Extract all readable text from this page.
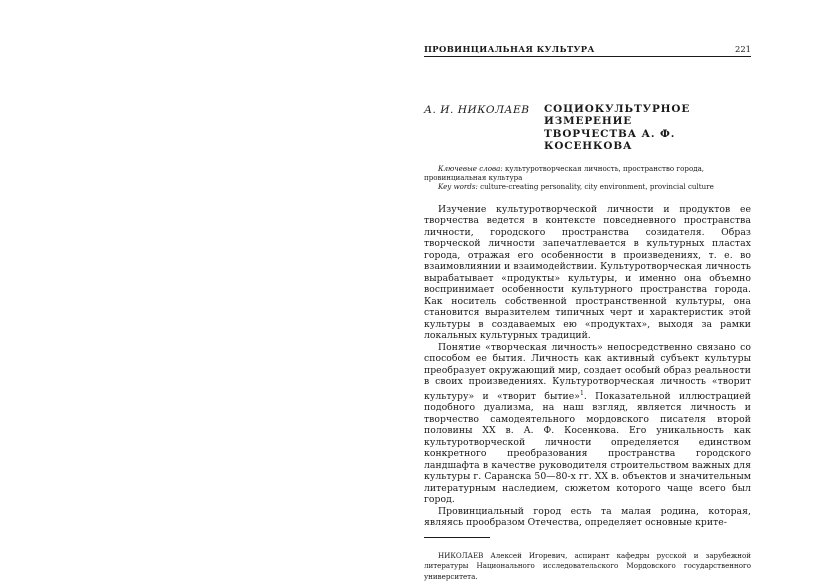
ПРОВИНЦИАЛЬНАЯ КУЛЬТУРА	221
А. И. НИКОЛАЕВ	СОЦИОКУЛЬТУРНОЕ ИЗМЕРЕНИЕ
ТВОРЧЕСТВА А. Ф. КОСЕНКОВА

Ключевые слова: культуротворческая личность, пространство города, провинциальная культура

Key words: culture-creating personality, city environment, provincial culture

Изучение культуротворческой личности и продуктов ее творчества ведется в контексте повседневного пространства личности, городского пространства созидателя. Образ творческой личности запечатлевается в культурных пластах города, отражая его особенности в произведениях, т. е. во взаимовлиянии и взаимодействии. Культуротворческая личность вырабатывает «продукты» культуры, и именно она объемно воспринимает особенности культурного пространства города. Как носитель собственной пространственной культуры, она становится выразителем типичных черт и характеристик этой культуры в создаваемых ею «продуктах», выходя за рамки локальных культурных традиций.

Понятие «творческая личность» непосредственно связано со способом ее бытия. Личность как активный субъект культуры преобразует окружающий мир, создает особый образ реальности в своих произведениях. Культуротворческая личность «творит культуру» и «творит бытие»$^1$. Показательной иллюстрацией подобного дуализма, на наш взгляд, является личность и творчество самодеятельного мордовского писателя второй половины XX в. А. Ф. Косенкова. Его уникальность как культуротворческой личности определяется единством конкретного преобразования пространства городского ландшафта в качестве руководителя строительством важных для культуры г. Саранска 50—80-х гг. XX в. объектов и значительным литературным наследием, сюжетом которого чаще всего был город.

Провинциальный город есть та малая родина, которая, являясь прообразом Отечества, определяет основные крите-

НИКОЛАЕВ Алексей Игоревич, аспирант кафедры русской и зарубежной литературы Национального исследовательского Мордовского государственного университета.
